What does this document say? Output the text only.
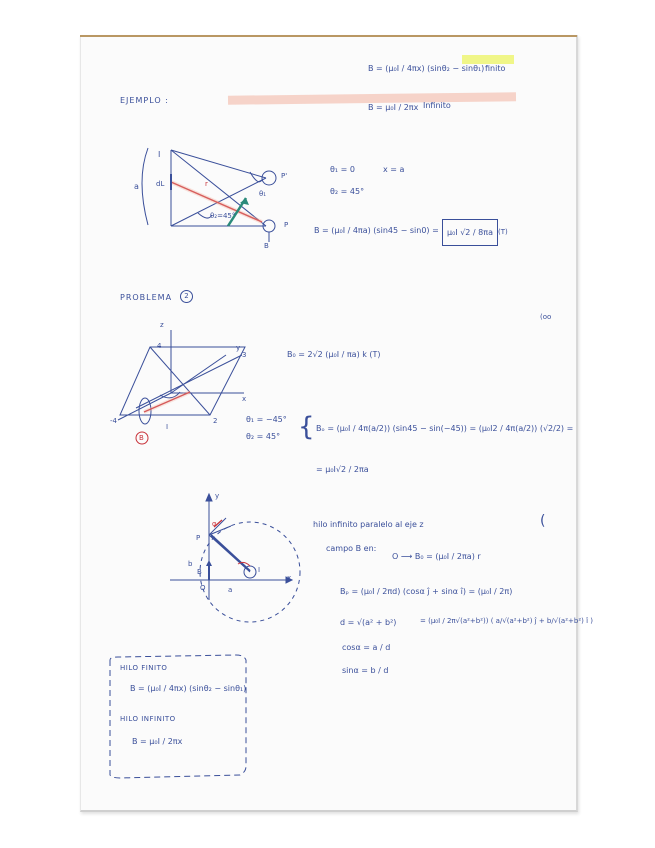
B = (μ₀I / 4πx) (sinθ₂ − sinθ₁) finito
B = μ₀I / 2πx Infinito
EJEMPLO :
I
a dL	r
θ₁
θ₂=45°
P'
P
B
θ₁ = 0	x = a
θ₂ = 45°
B = (μ₀I / 4πa) (sin45 − sin0) =	μ₀I √2 / 8πa (T)
PROBLEMA	2
(oo
z
y
x
4
3
2
-4
I
B
B₀ = 2√2 (μ₀I / πa) k (T)
θ₁ = −45°
θ₂ = 45° { Bₒ = (μ₀I / 4π(a/2)) (sin45 − sin(−45)) = (μ₀I2 / 4π(a/2)) (√2/2) =
= μ₀I√2 / 2πa
y
x
P
O	a
b
I
B
α	hilo infinito paralelo al eje z
campo B en:
(
O ⟶ B₀ = (μ₀I / 2πa) r
Bₚ = (μ₀I / 2πd) (cosα ĵ + sinα î) = (μ₀I / 2π)
d = √(a² + b²)	= (μ₀I / 2π√(a²+b²)) ( a/√(a²+b²) ĵ + b/√(a²+b²) î )
cosα = a / d
sinα = b / d
HILO FINITO
B = (μ₀I / 4πx) (sinθ₂ − sinθ₁)
HILO INFINITO
B = μ₀I / 2πx
